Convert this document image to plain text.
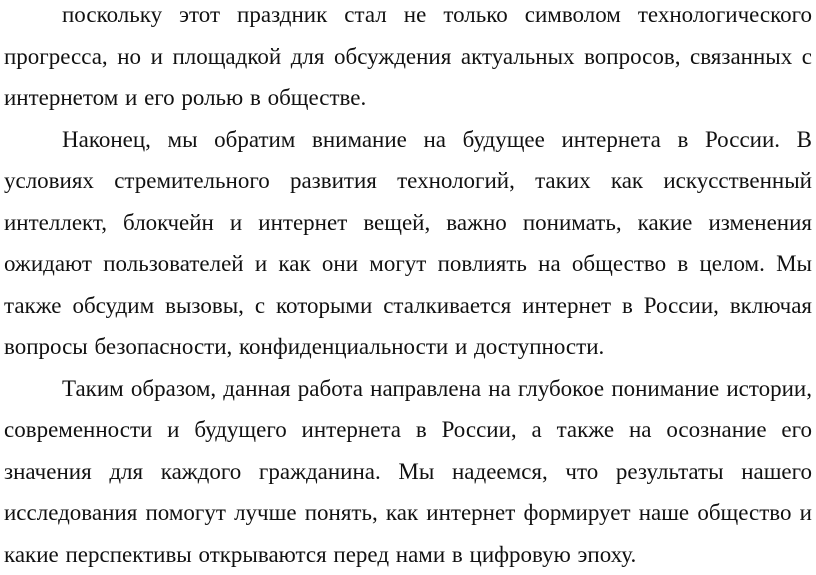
поскольку этот праздник стал не только символом технологического
прогресса, но и площадкой для обсуждения актуальных вопросов, связанных с
интернетом и его ролью в обществе.

Наконец, мы обратим внимание на будущее интернета в России. В
условиях стремительного развития технологий, таких как искусственный
интеллект, блокчейн и интернет вещей, важно понимать, какие изменения
ожидают пользователей и как они могут повлиять на общество в целом. Мы
также обсудим вызовы, с которыми сталкивается интернет в России, включая
вопросы безопасности, конфиденциальности и доступности.

Таким образом, данная работа направлена на глубокое понимание истории,
современности и будущего интернета в России, а также на осознание его
значения для каждого гражданина. Мы надеемся, что результаты нашего
исследования помогут лучше понять, как интернет формирует наше общество и
какие перспективы открываются перед нами в цифровую эпоху.
